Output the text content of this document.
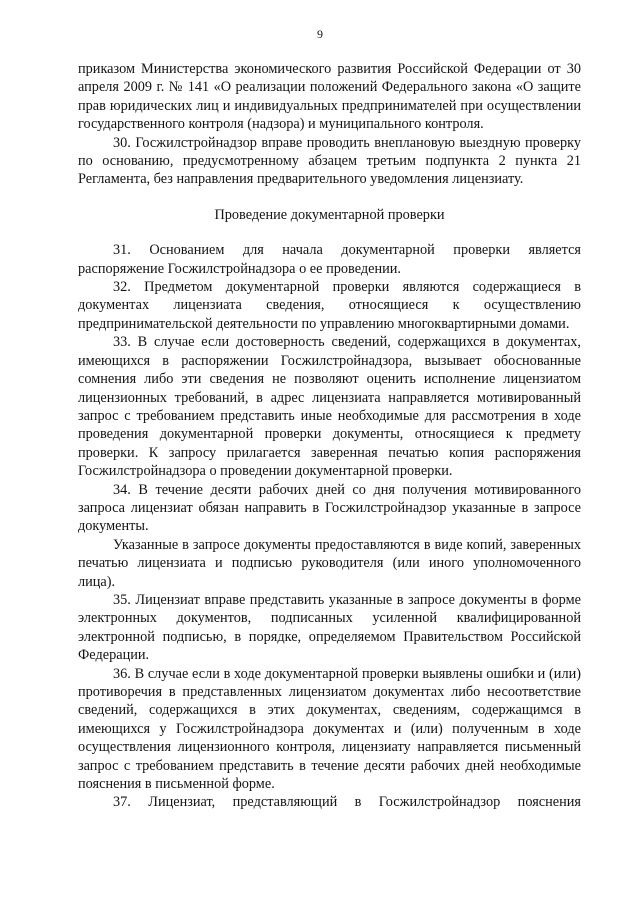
9

приказом Министерства экономического развития Российской Федерации от 30 апреля 2009 г. № 141 «О реализации положений Федерального закона «О защите прав юридических лиц и индивидуальных предпринимателей при осуществлении государственного контроля (надзора) и муниципального контроля.

30. Госжилстройнадзор вправе проводить внеплановую выездную проверку по основанию, предусмотренному абзацем третьим подпункта 2 пункта 21 Регламента, без направления предварительного уведомления лицензиату.

Проведение документарной проверки

31. Основанием для начала документарной проверки является распоряжение Госжилстройнадзора о ее проведении.

32. Предметом документарной проверки являются содержащиеся в документах лицензиата сведения, относящиеся к осуществлению предпринимательской деятельности по управлению многоквартирными домами.

33. В случае если достоверность сведений, содержащихся в документах, имеющихся в распоряжении Госжилстройнадзора, вызывает обоснованные сомнения либо эти сведения не позволяют оценить исполнение лицензиатом лицензионных требований, в адрес лицензиата направляется мотивированный запрос с требованием представить иные необходимые для рассмотрения в ходе проведения документарной проверки документы, относящиеся к предмету проверки. К запросу прилагается заверенная печатью копия распоряжения Госжилстройнадзора о проведении документарной проверки.

34. В течение десяти рабочих дней со дня получения мотивированного запроса лицензиат обязан направить в Госжилстройнадзор указанные в запросе документы.

Указанные в запросе документы предоставляются в виде копий, заверенных печатью лицензиата и подписью руководителя (или иного уполномоченного лица).

35. Лицензиат вправе представить указанные в запросе документы в форме электронных документов, подписанных усиленной квалифицированной электронной подписью, в порядке, определяемом Правительством Российской Федерации.

36. В случае если в ходе документарной проверки выявлены ошибки и (или) противоречия в представленных лицензиатом документах либо несоответствие сведений, содержащихся в этих документах, сведениям, содержащимся в имеющихся у Госжилстройнадзора документах и (или) полученным в ходе осуществления лицензионного контроля, лицензиату направляется письменный запрос с требованием представить в течение десяти рабочих дней необходимые пояснения в письменной форме.

37. Лицензиат, представляющий в Госжилстройнадзор пояснения
